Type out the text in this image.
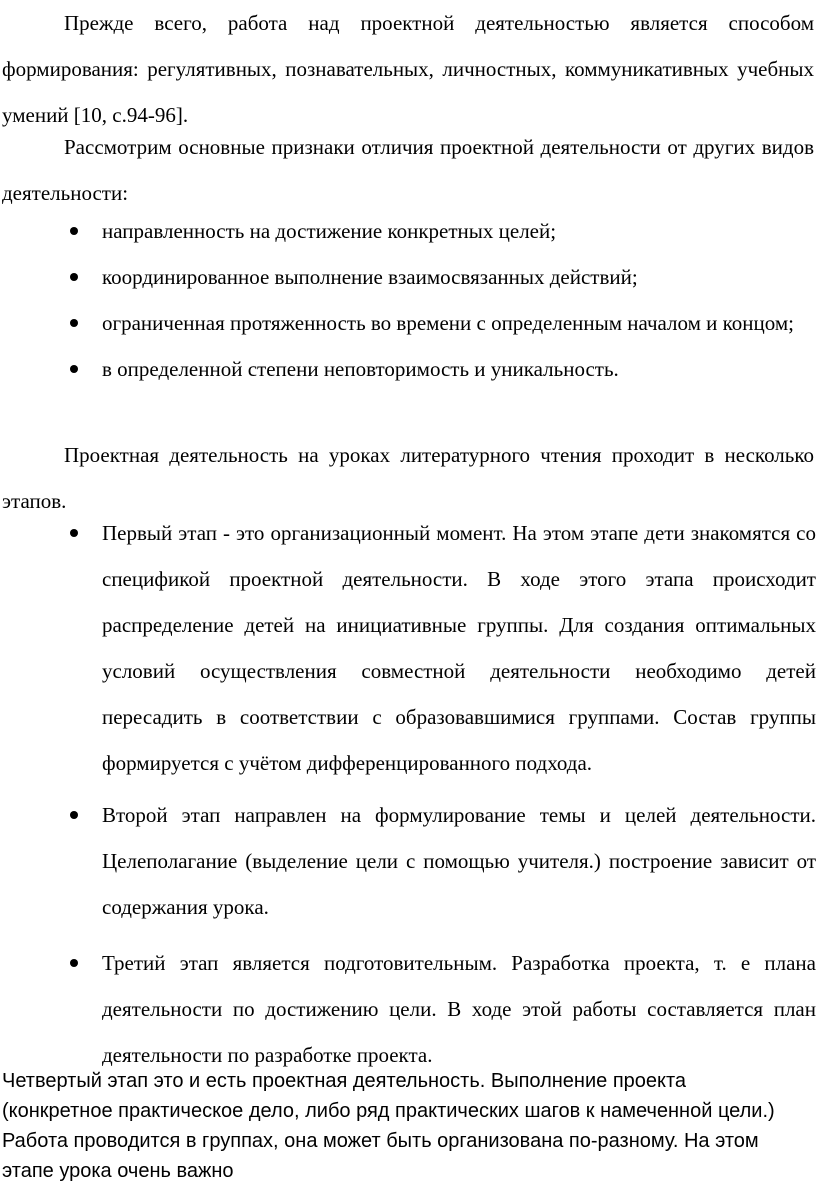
Прежде всего, работа над проектной деятельностью является способом формирования: регулятивных, познавательных, личностных, коммуникативных учебных умений [10, с.94-96].

Рассмотрим основные признаки отличия проектной деятельности от других видов деятельности:

направленность на достижение конкретных целей;
координированное выполнение взаимосвязанных действий;
ограниченная протяженность во времени с определенным началом и концом;
в определенной степени неповторимость и уникальность.

Проектная деятельность на уроках литературного чтения проходит в несколько этапов.

Первый этап - это организационный момент. На этом этапе дети знакомятся со спецификой проектной деятельности. В ходе этого этапа происходит распределение детей на инициативные группы. Для создания оптимальных условий осуществления совместной деятельности необходимо детей пересадить в соответствии с образовавшимися группами. Состав группы формируется с учётом дифференцированного подхода.
Второй этап направлен на формулирование темы и целей деятельности. Целеполагание (выделение цели с помощью учителя.) построение зависит от содержания урока.
Третий этап является подготовительным. Разработка проекта, т. е плана деятельности по достижению цели. В ходе этой работы составляется план деятельности по разработке проекта.

Четвертый этап это и есть проектная деятельность. Выполнение проекта (конкретное практическое дело, либо ряд практических шагов к намеченной цели.) Работа проводится в группах, она может быть организована по-разному. На этом этапе урока очень важно
